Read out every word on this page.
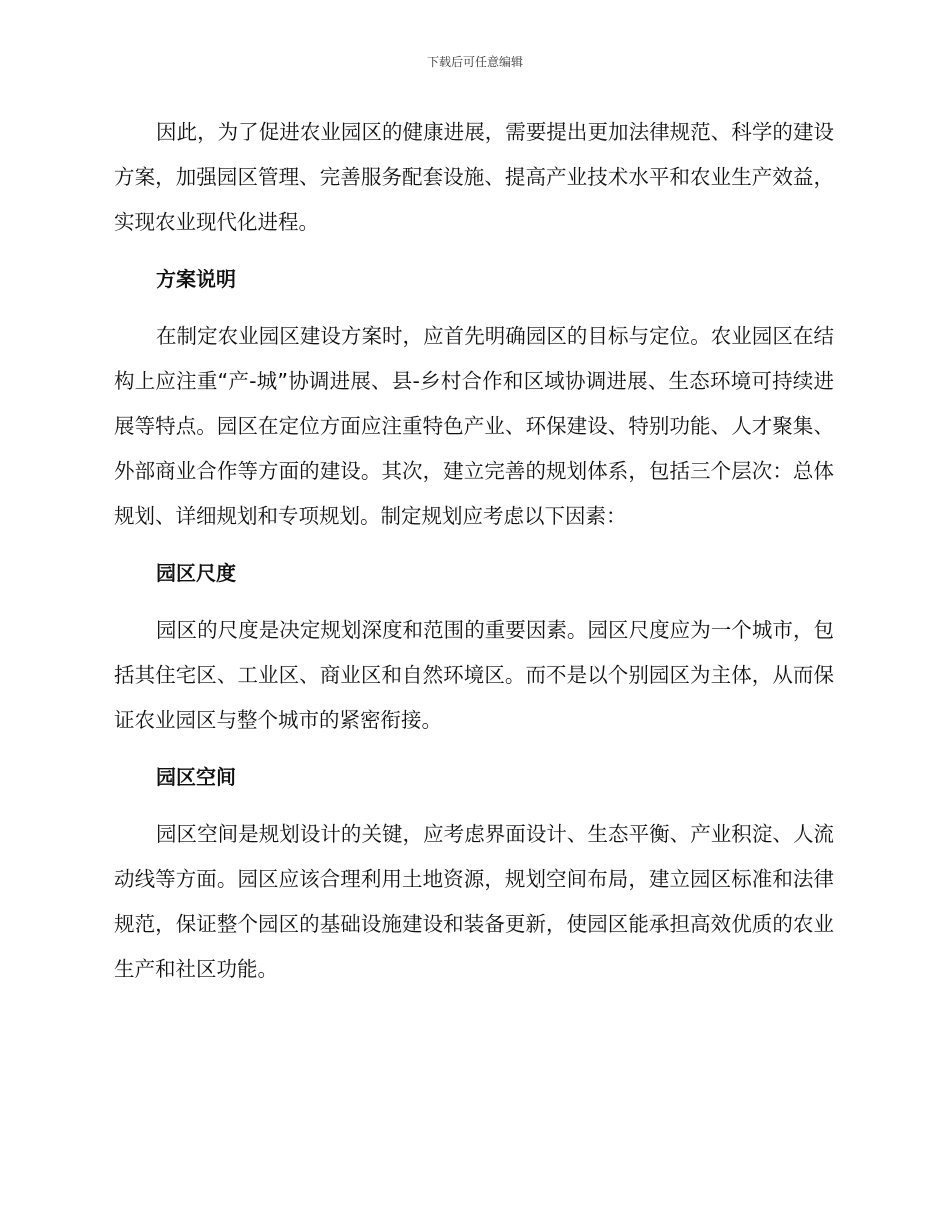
下载后可任意编辑

因此，为了促进农业园区的健康进展，需要提出更加法律规范、科学的建设方案，加强园区管理、完善服务配套设施、提高产业技术水平和农业生产效益，实现农业现代化进程。

方案说明

在制定农业园区建设方案时，应首先明确园区的目标与定位。农业园区在结构上应注重“产-城”协调进展、县-乡村合作和区域协调进展、生态环境可持续进展等特点。园区在定位方面应注重特色产业、环保建设、特别功能、人才聚集、外部商业合作等方面的建设。其次，建立完善的规划体系，包括三个层次：总体规划、详细规划和专项规划。制定规划应考虑以下因素：

园区尺度

园区的尺度是决定规划深度和范围的重要因素。园区尺度应为一个城市，包括其住宅区、工业区、商业区和自然环境区。而不是以个别园区为主体，从而保证农业园区与整个城市的紧密衔接。

园区空间

园区空间是规划设计的关键，应考虑界面设计、生态平衡、产业积淀、人流动线等方面。园区应该合理利用土地资源，规划空间布局，建立园区标准和法律规范，保证整个园区的基础设施建设和装备更新，使园区能承担高效优质的农业生产和社区功能。
